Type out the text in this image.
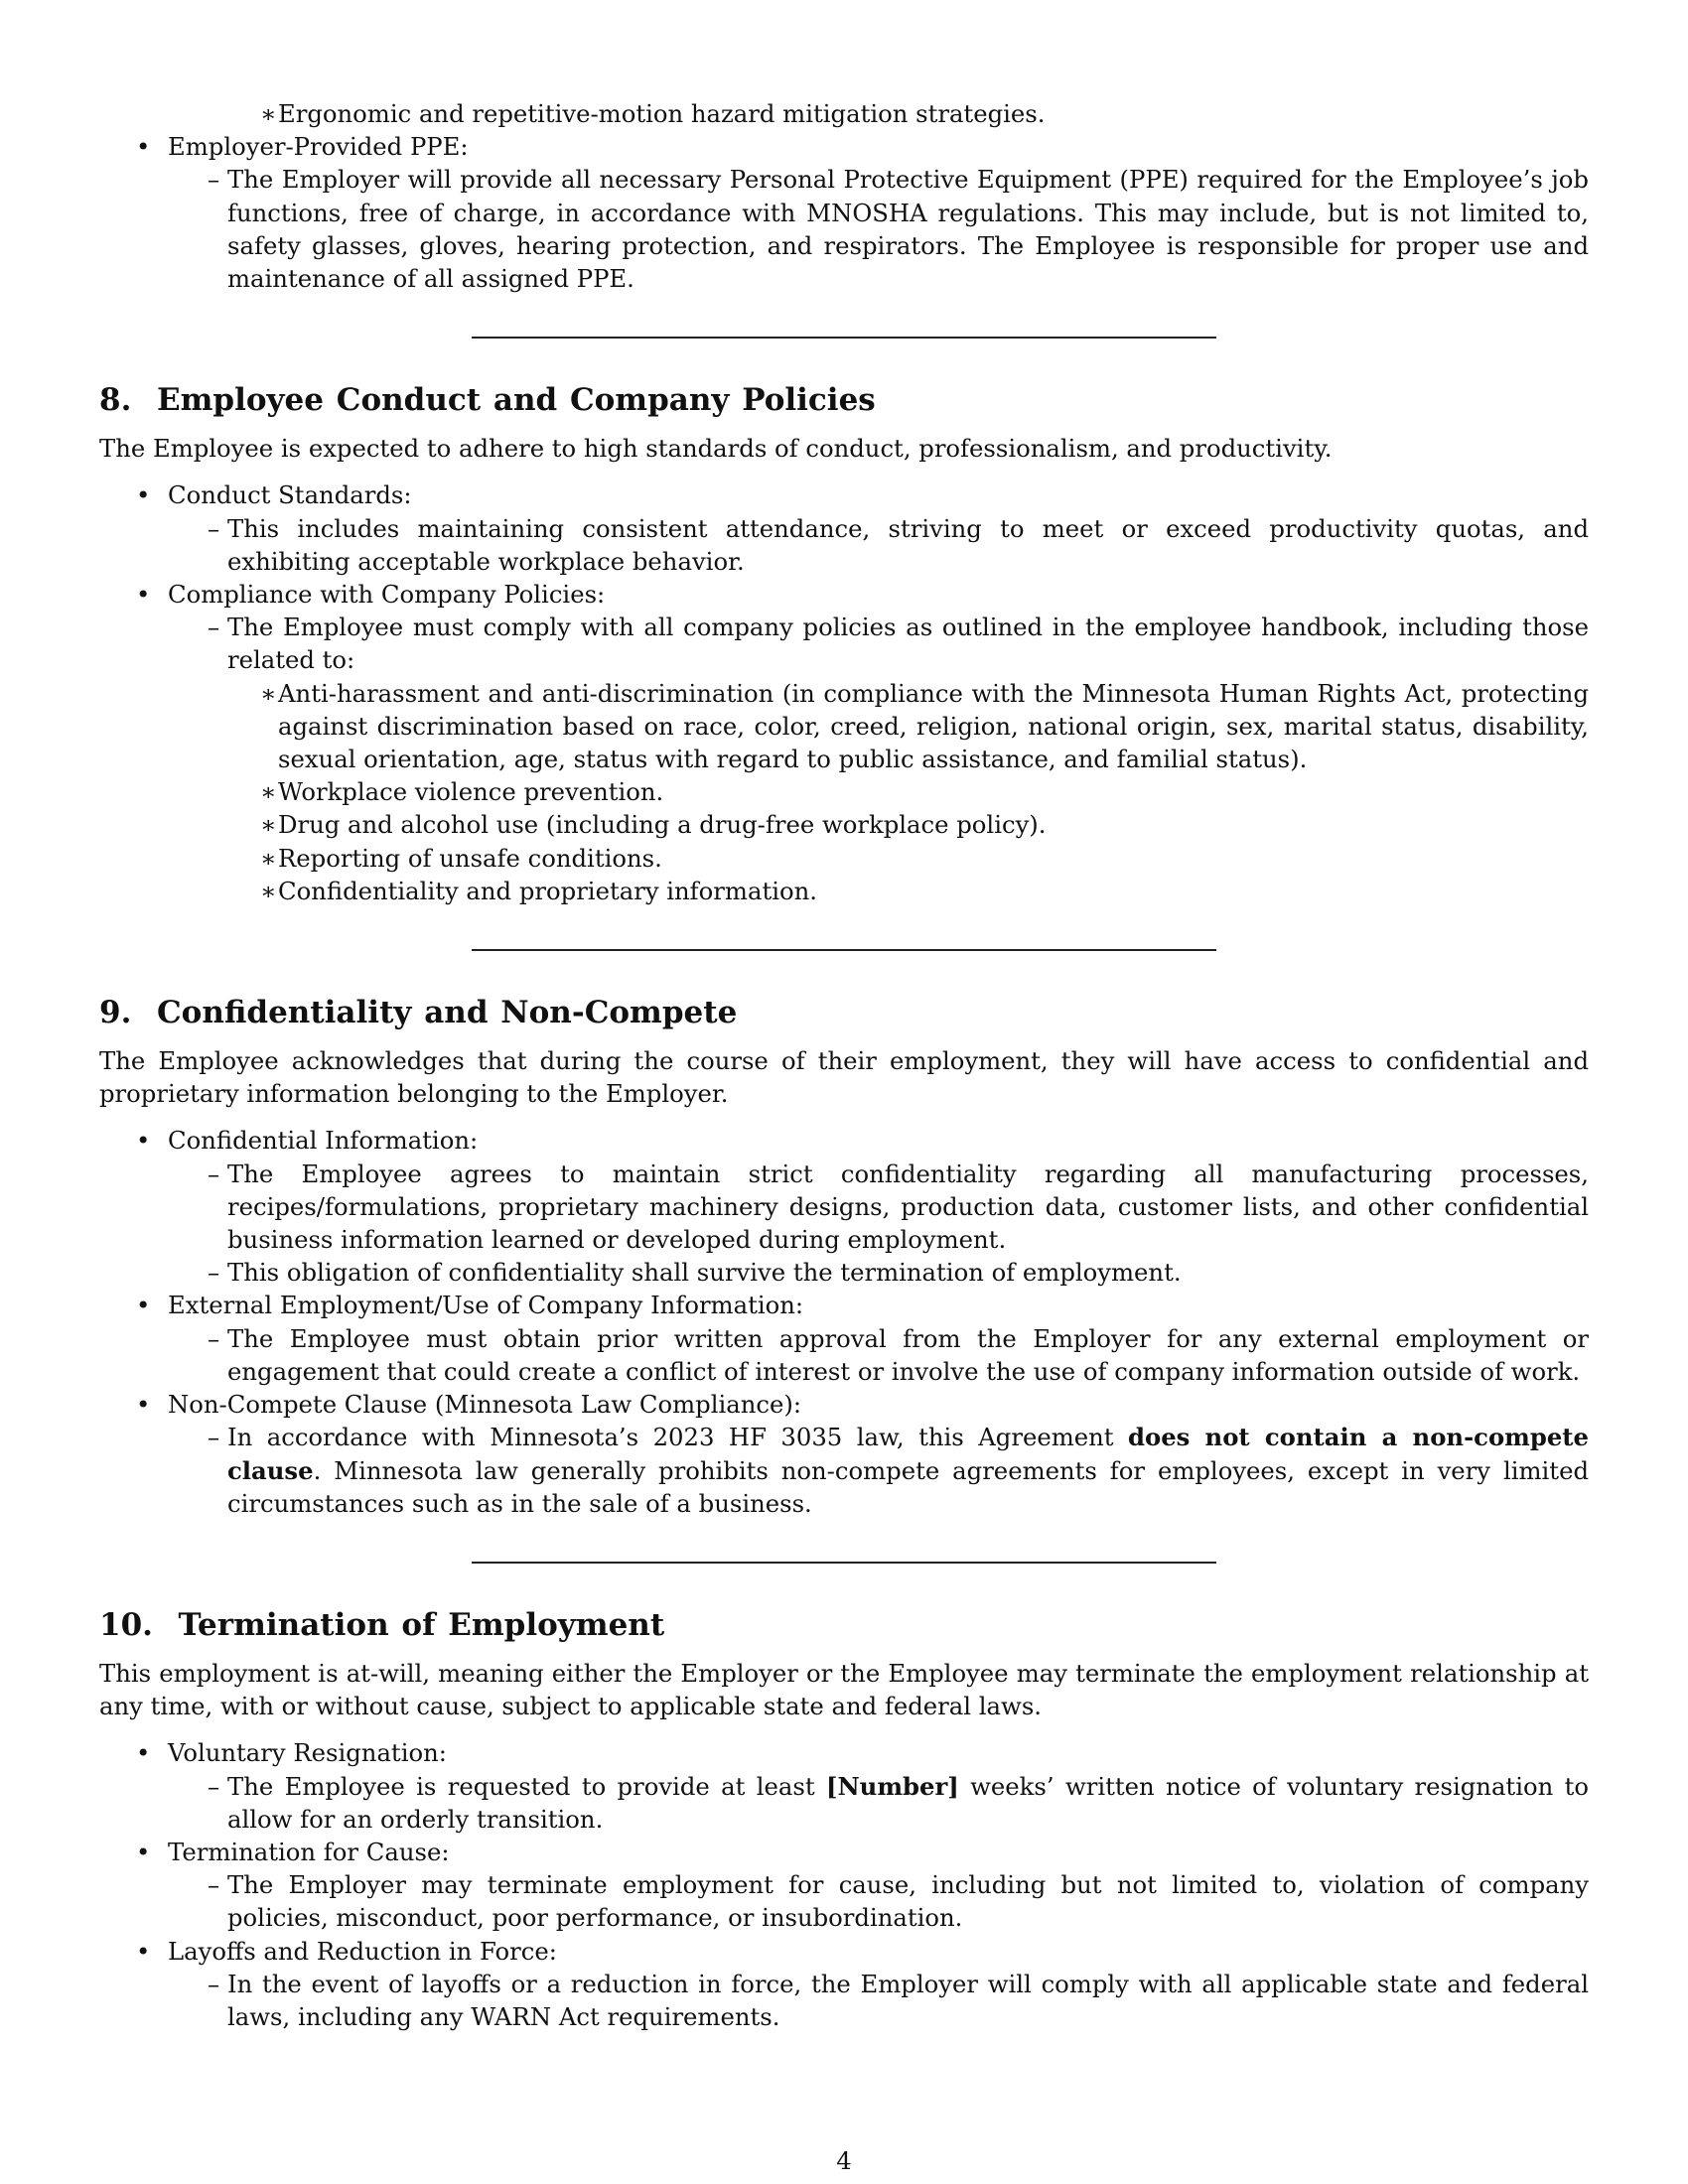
∗ Ergonomic and repetitive-motion hazard mitigation strategies.
• Employer-Provided PPE:
– The Employer will provide all necessary Personal Protective Equipment (PPE) required for the Employee’s job functions, free of charge, in accordance with MNOSHA regulations. This may include, but is not limited to, safety glasses, gloves, hearing protection, and respirators. The Employee is responsible for proper use and maintenance of all assigned PPE.
8. Employee Conduct and Company Policies

The Employee is expected to adhere to high standards of conduct, professionalism, and productivity.

• Conduct Standards:
– This includes maintaining consistent attendance, striving to meet or exceed productivity quotas, and exhibiting acceptable workplace behavior.
• Compliance with Company Policies:
– The Employee must comply with all company policies as outlined in the employee handbook, including those related to:
∗ Anti-harassment and anti-discrimination (in compliance with the Minnesota Human Rights Act, protecting against discrimination based on race, color, creed, religion, national origin, sex, marital status, disability, sexual orientation, age, status with regard to public assistance, and familial status).
∗ Workplace violence prevention.
∗ Drug and alcohol use (including a drug-free workplace policy).
∗ Reporting of unsafe conditions.
∗ Confidentiality and proprietary information.
9. Confidentiality and Non-Compete

The Employee acknowledges that during the course of their employment, they will have access to confidential and proprietary information belonging to the Employer.

• Confidential Information:
– The Employee agrees to maintain strict confidentiality regarding all manufacturing processes, recipes/formulations, proprietary machinery designs, production data, customer lists, and other confidential business information learned or developed during employment.
– This obligation of confidentiality shall survive the termination of employment.
• External Employment/Use of Company Information:
– The Employee must obtain prior written approval from the Employer for any external employment or engagement that could create a conflict of interest or involve the use of company information outside of work.
• Non-Compete Clause (Minnesota Law Compliance):
– In accordance with Minnesota’s 2023 HF 3035 law, this Agreement does not contain a non-compete clause. Minnesota law generally prohibits non-compete agreements for employees, except in very limited circumstances such as in the sale of a business.
10. Termination of Employment

This employment is at-will, meaning either the Employer or the Employee may terminate the employment relationship at any time, with or without cause, subject to applicable state and federal laws.

• Voluntary Resignation:
– The Employee is requested to provide at least [Number] weeks’ written notice of voluntary resignation to allow for an orderly transition.
• Termination for Cause:
– The Employer may terminate employment for cause, including but not limited to, violation of company policies, misconduct, poor performance, or insubordination.
• Layoffs and Reduction in Force:
– In the event of layoffs or a reduction in force, the Employer will comply with all applicable state and federal laws, including any WARN Act requirements.
4
